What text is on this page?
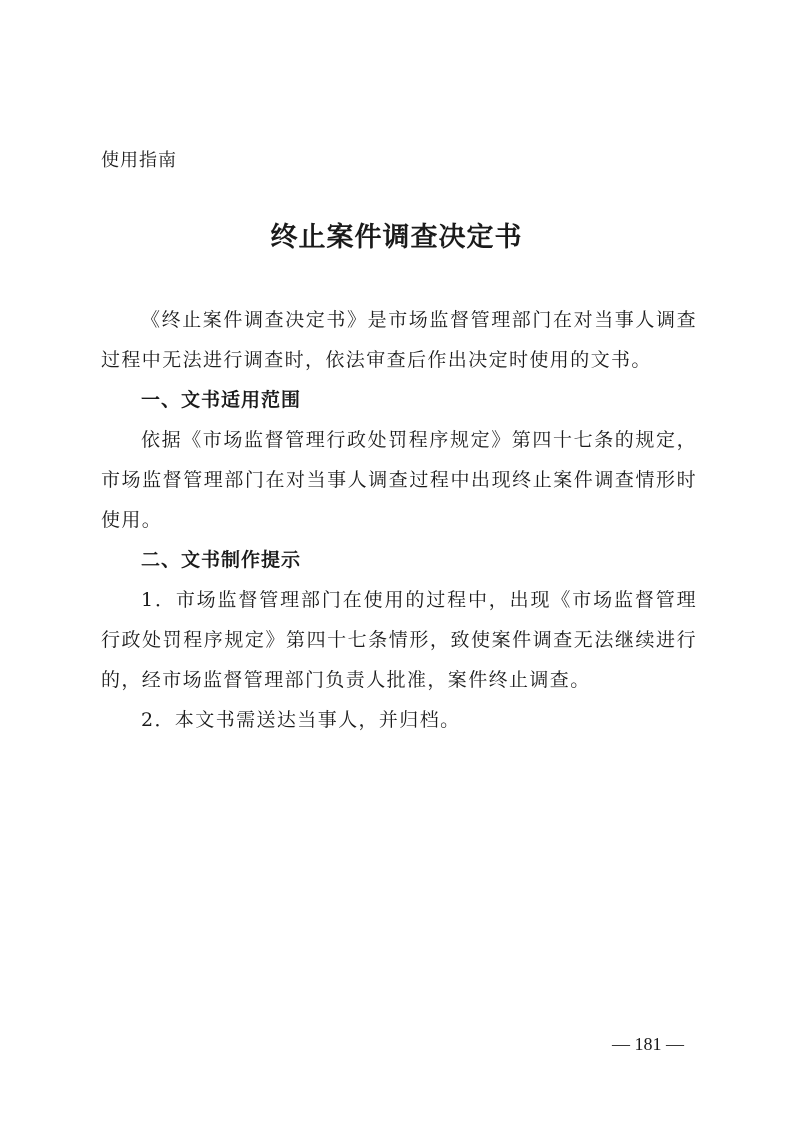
使用指南
终止案件调查决定书

《终止案件调查决定书》是市场监督管理部门在对当事人调查过程中无法进行调查时，依法审查后作出决定时使用的文书。

一、文书适用范围

依据《市场监督管理行政处罚程序规定》第四十七条的规定，市场监督管理部门在对当事人调查过程中出现终止案件调查情形时使用。

二、文书制作提示

1．市场监督管理部门在使用的过程中，出现《市场监督管理行政处罚程序规定》第四十七条情形，致使案件调查无法继续进行的，经市场监督管理部门负责人批准，案件终止调查。

2．本文书需送达当事人，并归档。

— 181 —
